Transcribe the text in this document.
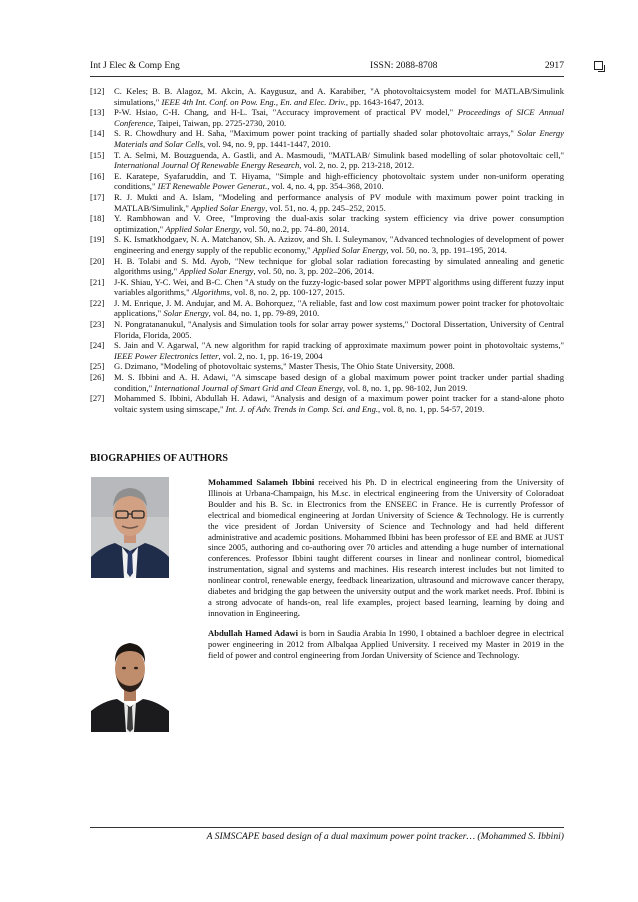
Int J Elec & Comp Eng	ISSN: 2088-8708	2917

[12] C. Keles; B. B. Alagoz, M. Akcin, A. Kaygusuz, and A. Karabiber, "A photovoltaicsystem model for MATLAB/Simulink simulations," IEEE 4th Int. Conf. on Pow. Eng., En. and Elec. Driv., pp. 1643-1647, 2013.

[13] P-W. Hsiao, C-H. Chang, and H-L. Tsai, "Accuracy improvement of practical PV model," Proceedings of SICE Annual Conference, Taipei, Taiwan, pp. 2725-2730, 2010.

[14] S. R. Chowdhury and H. Saha, "Maximum power point tracking of partially shaded solar photovoltaic arrays," Solar Energy Materials and Solar Cells, vol. 94, no. 9, pp. 1441-1447, 2010.

[15] T. A. Selmi, M. Bouzguenda, A. Gastli, and A. Masmoudi, "MATLAB/ Simulink based modelling of solar photovoltaic cell," International Journal Of Renewable Energy Research, vol. 2, no. 2, pp. 213-218, 2012.

[16] E. Karatepe, Syafaruddin, and T. Hiyama, "Simple and high-efficiency photovoltaic system under non-uniform operating conditions," IET Renewable Power Generat., vol. 4, no. 4, pp. 354–368, 2010.

[17] R. J. Mukti and A. Islam, "Modeling and performance analysis of PV module with maximum power point tracking in MATLAB/Simulink," Applied Solar Energy, vol. 51, no. 4, pp. 245–252, 2015.

[18] Y. Rambhowan and V. Oree, "Improving the dual-axis solar tracking system efficiency via drive power consumption optimization," Applied Solar Energy, vol. 50, no.2, pp. 74–80, 2014.

[19] S. K. Ismatkhodgaev, N. A. Matchanov, Sh. A. Azizov, and Sh. I. Suleymanov, "Advanced technologies of development of power engineering and energy supply of the republic economy," Applied Solar Energy, vol. 50, no. 3, pp. 191–195, 2014.

[20] H. B. Tolabi and S. Md. Ayob, "New technique for global solar radiation forecasting by simulated annealing and genetic algorithms using," Applied Solar Energy, vol. 50, no. 3, pp. 202–206, 2014.

[21] J-K. Shiau, Y-C. Wei, and B-C. Chen "A study on the fuzzy-logic-based solar power MPPT algorithms using different fuzzy input variables algorithms," Algorithms, vol. 8, no. 2, pp. 100-127, 2015.

[22] J. M. Enrique, J. M. Andujar, and M. A. Bohorquez, "A reliable, fast and low cost maximum power point tracker for photovoltaic applications," Solar Energy, vol. 84, no. 1, pp. 79-89, 2010.

[23] N. Pongratananukul, "Analysis and Simulation tools for solar array power systems," Doctoral Dissertation, University of Central Florida, Florida, 2005.

[24] S. Jain and V. Agarwal, "A new algorithm for rapid tracking of approximate maximum power point in photovoltaic systems," IEEE Power Electronics letter, vol. 2, no. 1, pp. 16-19, 2004

[25] G. Dzimano, "Modeling of photovoltaic systems," Master Thesis, The Ohio State University, 2008.

[26] M. S. Ibbini and A. H. Adawi, "A simscape based design of a global maximum power point tracker under partial shading condition," International Journal of Smart Grid and Clean Energy, vol. 8, no. 1, pp. 98-102, Jun 2019.

[27] Mohammed S. Ibbini, Abdullah H. Adawi, "Analysis and design of a maximum power point tracker for a stand-alone photo voltaic system using simscape," Int. J. of Adv. Trends in Comp. Sci. and Eng., vol. 8, no. 1, pp. 54-57, 2019.

BIOGRAPHIES OF AUTHORS
Mohammed Salameh Ibbini received his Ph. D in electrical engineering from the University of Illinois at Urbana-Champaign, his M.sc. in electrical engineering from the University of Coloradoat Boulder and his B. Sc. in Electronics from the ENSEEC in France. He is currently Professor of electrical and biomedical engineering at Jordan University of Science & Technology. He is currently the vice president of Jordan University of Science and Technology and had held different administrative and academic positions. Mohammed Ibbini has been professor of EE and BME at JUST since 2005, authoring and co-authoring over 70 articles and attending a huge number of international conferences. Professor Ibbini taught different courses in linear and nonlinear control, biomedical instrumentation, signal and systems and machines. His research interest includes but not limited to nonlinear control, renewable energy, feedback linearization, ultrasound and microwave cancer therapy, diabetes and bridging the gap between the university output and the work market needs. Prof. Ibbini is a strong advocate of hands-on, real life examples, project based learning, learning by doing and innovation in Engineering.
Abdullah Hamed Adawi is born in Saudia Arabia In 1990, I obtained a bachloer degree in electrical power engineering in 2012 from Albalqaa Applied University. I received my Master in 2019 in the field of power and control engineering from Jordan University of Science and Technology.
A SIMSCAPE based design of a dual maximum power point tracker… (Mohammed S. Ibbini)
